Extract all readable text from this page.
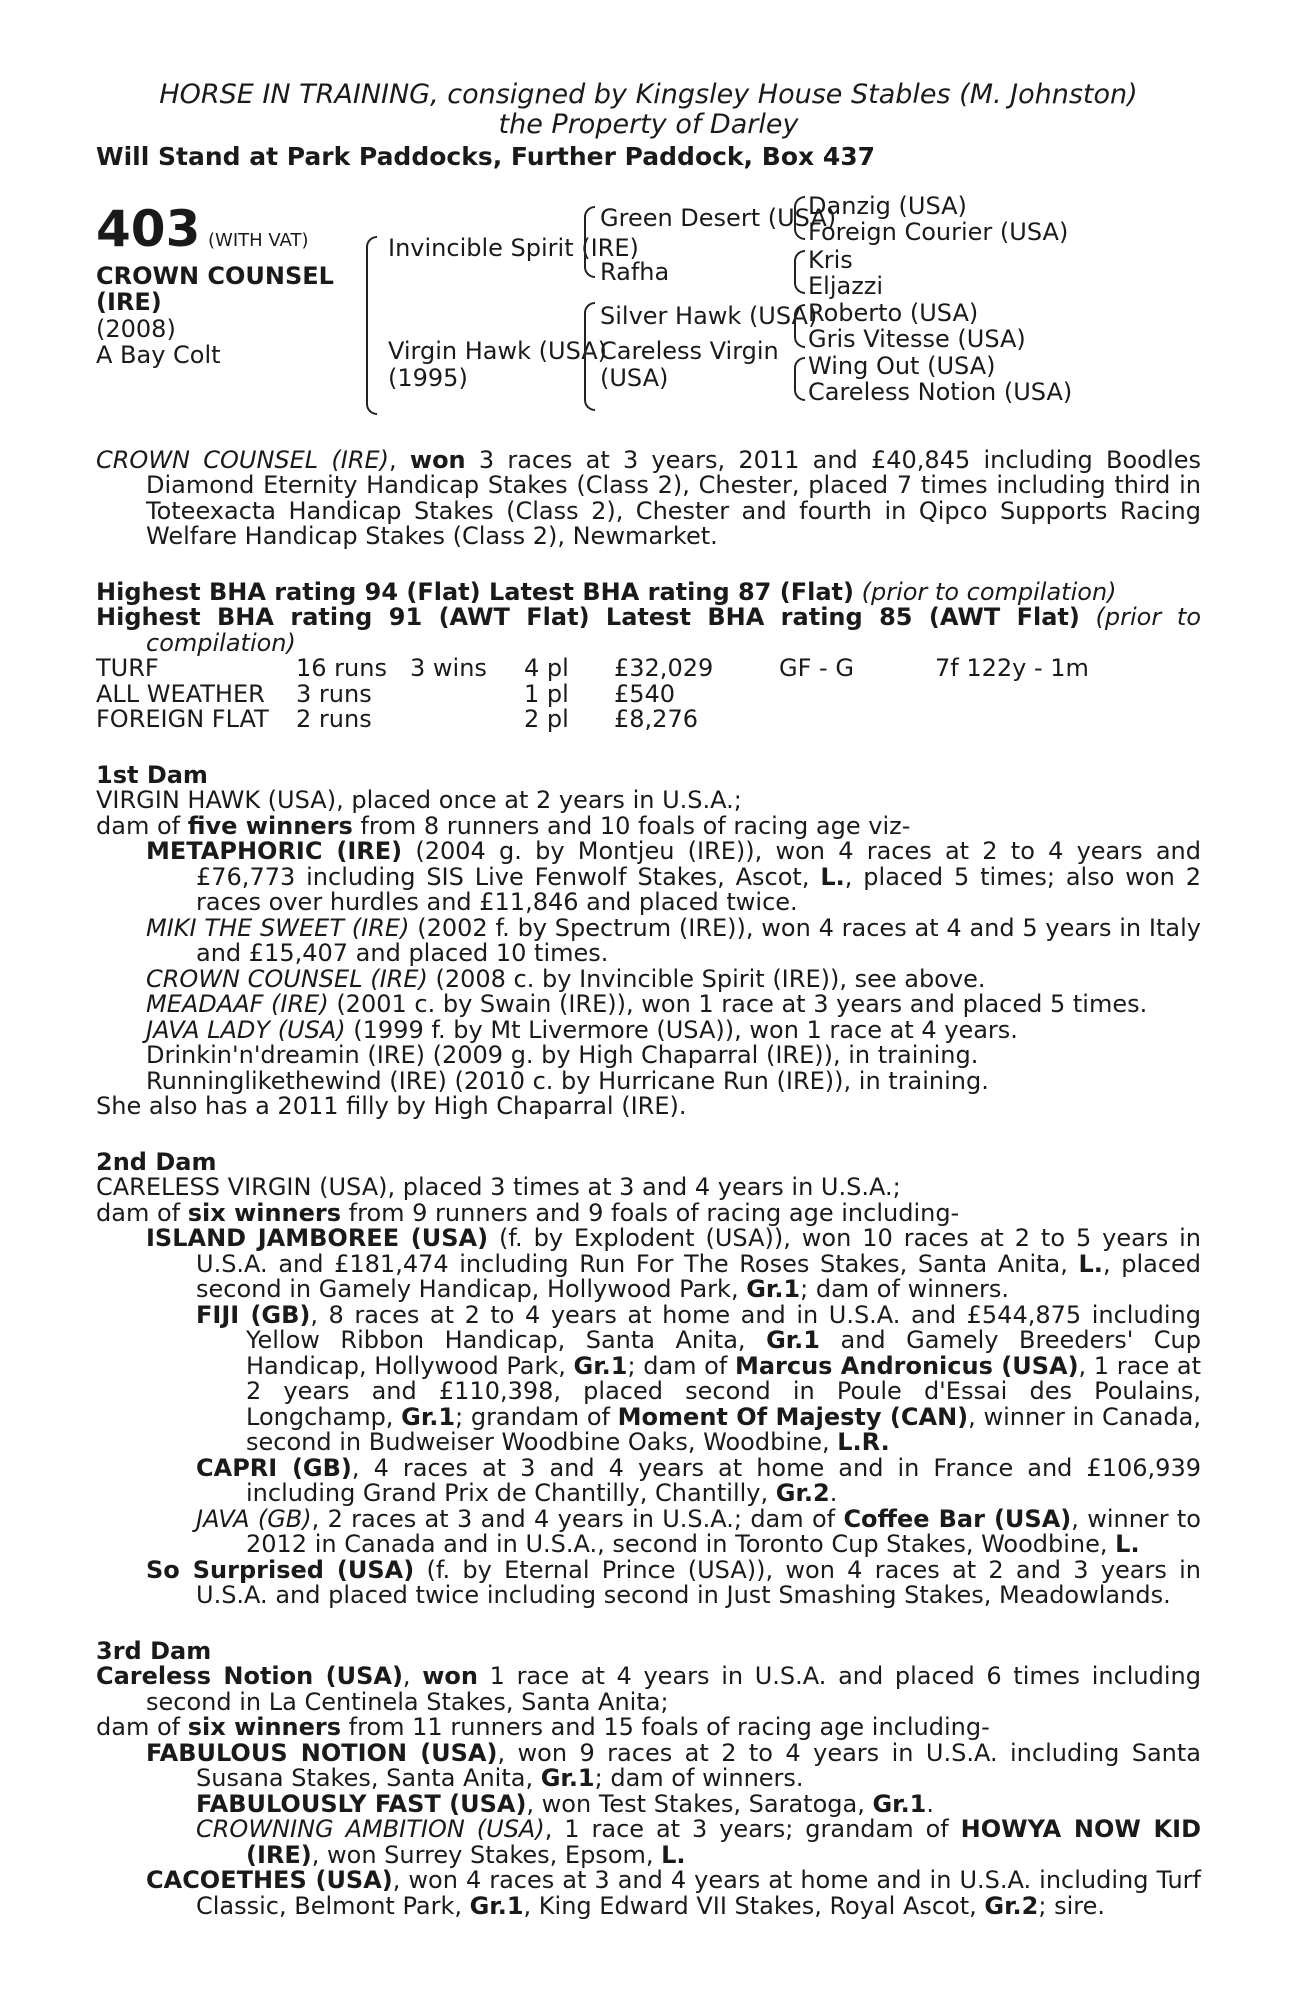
HORSE IN TRAINING, consigned by Kingsley House Stables (M. Johnston)
the Property of Darley
Will Stand at Park Paddocks, Further Paddock, Box 437
403 (WITH VAT)
CROWN COUNSEL
(IRE)
(2008)
A Bay Colt
Invincible Spirit (IRE)
Virgin Hawk (USA)
(1995)
Green Desert (USA)
Rafha
Silver Hawk (USA)
Careless Virgin
(USA)
Danzig (USA)
Foreign Courier (USA)
Kris
Eljazzi
Roberto (USA)
Gris Vitesse (USA)
Wing Out (USA)
Careless Notion (USA)

CROWN COUNSEL (IRE), won 3 races at 3 years, 2011 and £40,845 including Boodles Diamond Eternity Handicap Stakes (Class 2), Chester, placed 7 times including third in Toteexacta Handicap Stakes (Class 2), Chester and fourth in Qipco Supports Racing Welfare Handicap Stakes (Class 2), Newmarket.

Highest BHA rating 94 (Flat) Latest BHA rating 87 (Flat) (prior to compilation)

Highest BHA rating 91 (AWT Flat) Latest BHA rating 85 (AWT Flat) (prior to compilation)

TURF	16 runs 3 wins	4 pl	£32,029	GF - G	7f 122y - 1m
ALL WEATHER	3 runs	1 pl	£540
FOREIGN FLAT	2 runs	2 pl	£8,276
1st Dam

VIRGIN HAWK (USA), placed once at 2 years in U.S.A.;

dam of five winners from 8 runners and 10 foals of racing age viz-

METAPHORIC (IRE) (2004 g. by Montjeu (IRE)), won 4 races at 2 to 4 years and £76,773 including SIS Live Fenwolf Stakes, Ascot, L., placed 5 times; also won 2 races over hurdles and £11,846 and placed twice.

MIKI THE SWEET (IRE) (2002 f. by Spectrum (IRE)), won 4 races at 4 and 5 years in Italy and £15,407 and placed 10 times.

CROWN COUNSEL (IRE) (2008 c. by Invincible Spirit (IRE)), see above.

MEADAAF (IRE) (2001 c. by Swain (IRE)), won 1 race at 3 years and placed 5 times.

JAVA LADY (USA) (1999 f. by Mt Livermore (USA)), won 1 race at 4 years.

Drinkin'n'dreamin (IRE) (2009 g. by High Chaparral (IRE)), in training.

Runninglikethewind (IRE) (2010 c. by Hurricane Run (IRE)), in training.

She also has a 2011 filly by High Chaparral (IRE).

2nd Dam

CARELESS VIRGIN (USA), placed 3 times at 3 and 4 years in U.S.A.;

dam of six winners from 9 runners and 9 foals of racing age including-

ISLAND JAMBOREE (USA) (f. by Explodent (USA)), won 10 races at 2 to 5 years in U.S.A. and £181,474 including Run For The Roses Stakes, Santa Anita, L., placed second in Gamely Handicap, Hollywood Park, Gr.1; dam of winners.

FIJI (GB), 8 races at 2 to 4 years at home and in U.S.A. and £544,875 including Yellow Ribbon Handicap, Santa Anita, Gr.1 and Gamely Breeders' Cup Handicap, Hollywood Park, Gr.1; dam of Marcus Andronicus (USA), 1 race at 2 years and £110,398, placed second in Poule d'Essai des Poulains, Longchamp, Gr.1; grandam of Moment Of Majesty (CAN), winner in Canada, second in Budweiser Woodbine Oaks, Woodbine, L.R.

CAPRI (GB), 4 races at 3 and 4 years at home and in France and £106,939 including Grand Prix de Chantilly, Chantilly, Gr.2.

JAVA (GB), 2 races at 3 and 4 years in U.S.A.; dam of Coffee Bar (USA), winner to 2012 in Canada and in U.S.A., second in Toronto Cup Stakes, Woodbine, L.

So Surprised (USA) (f. by Eternal Prince (USA)), won 4 races at 2 and 3 years in U.S.A. and placed twice including second in Just Smashing Stakes, Meadowlands.

3rd Dam

Careless Notion (USA), won 1 race at 4 years in U.S.A. and placed 6 times including second in La Centinela Stakes, Santa Anita;

dam of six winners from 11 runners and 15 foals of racing age including-

FABULOUS NOTION (USA), won 9 races at 2 to 4 years in U.S.A. including Santa Susana Stakes, Santa Anita, Gr.1; dam of winners.

FABULOUSLY FAST (USA), won Test Stakes, Saratoga, Gr.1.

CROWNING AMBITION (USA), 1 race at 3 years; grandam of HOWYA NOW KID (IRE), won Surrey Stakes, Epsom, L.

CACOETHES (USA), won 4 races at 3 and 4 years at home and in U.S.A. including Turf Classic, Belmont Park, Gr.1, King Edward VII Stakes, Royal Ascot, Gr.2; sire.
